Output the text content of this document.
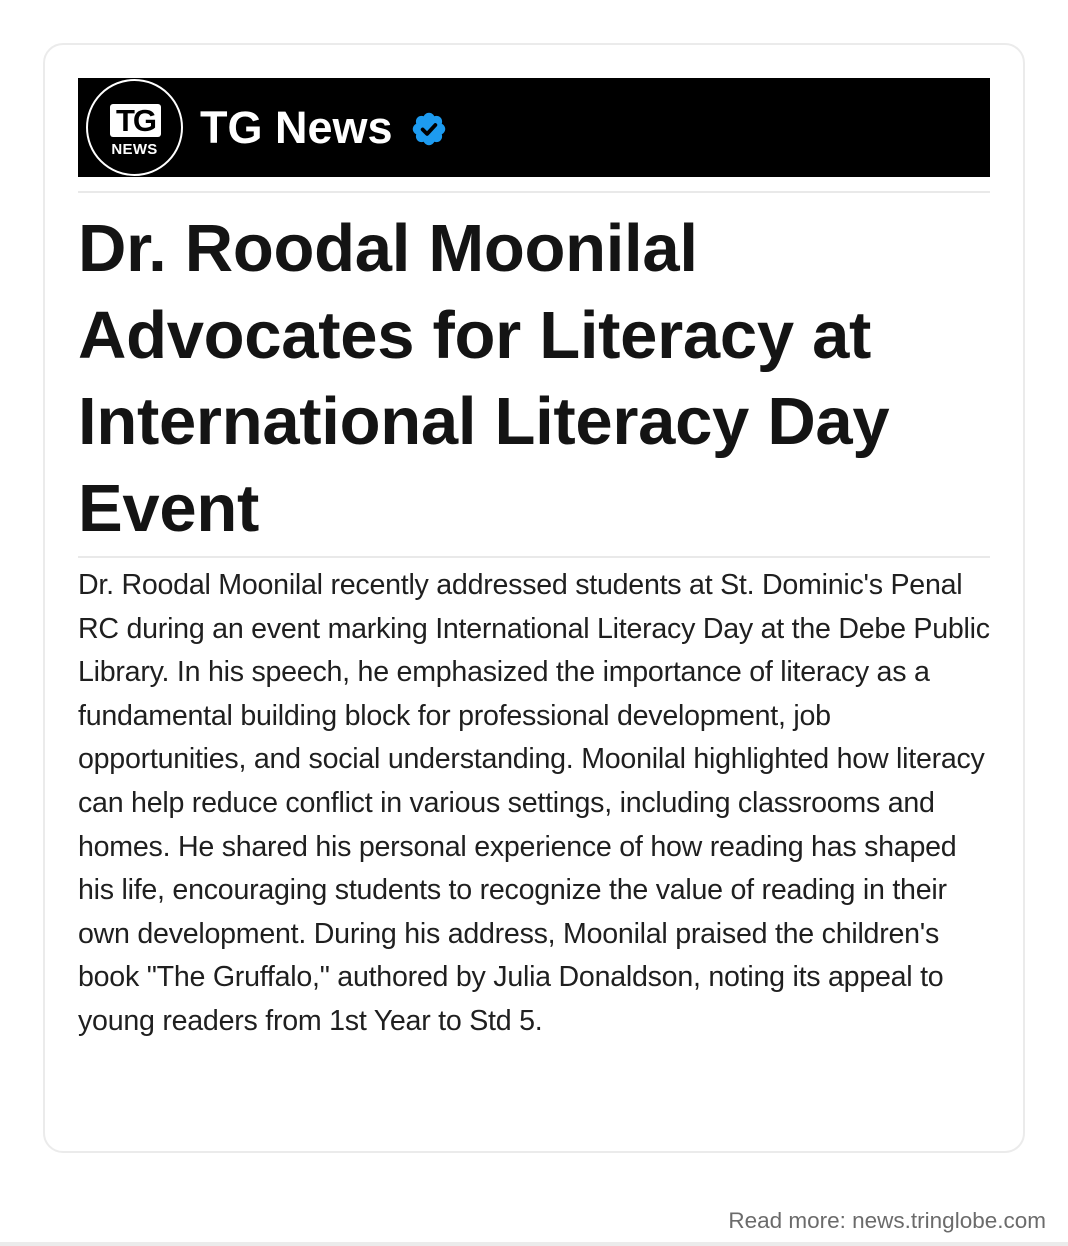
TG
NEWS TG News
Dr. Roodal Moonilal Advocates for Literacy at International Literacy Day Event

Dr. Roodal Moonilal recently addressed students at St. Dominic's Penal RC during an event marking International Literacy Day at the Debe Public Library. In his speech, he emphasized the importance of literacy as a fundamental building block for professional development, job opportunities, and social understanding. Moonilal highlighted how literacy can help reduce conflict in various settings, including classrooms and homes. He shared his personal experience of how reading has shaped his life, encouraging students to recognize the value of reading in their own development. During his address, Moonilal praised the children's book "The Gruffalo," authored by Julia Donaldson, noting its appeal to young readers from 1st Year to Std 5.

Read more: news.tringlobe.com
